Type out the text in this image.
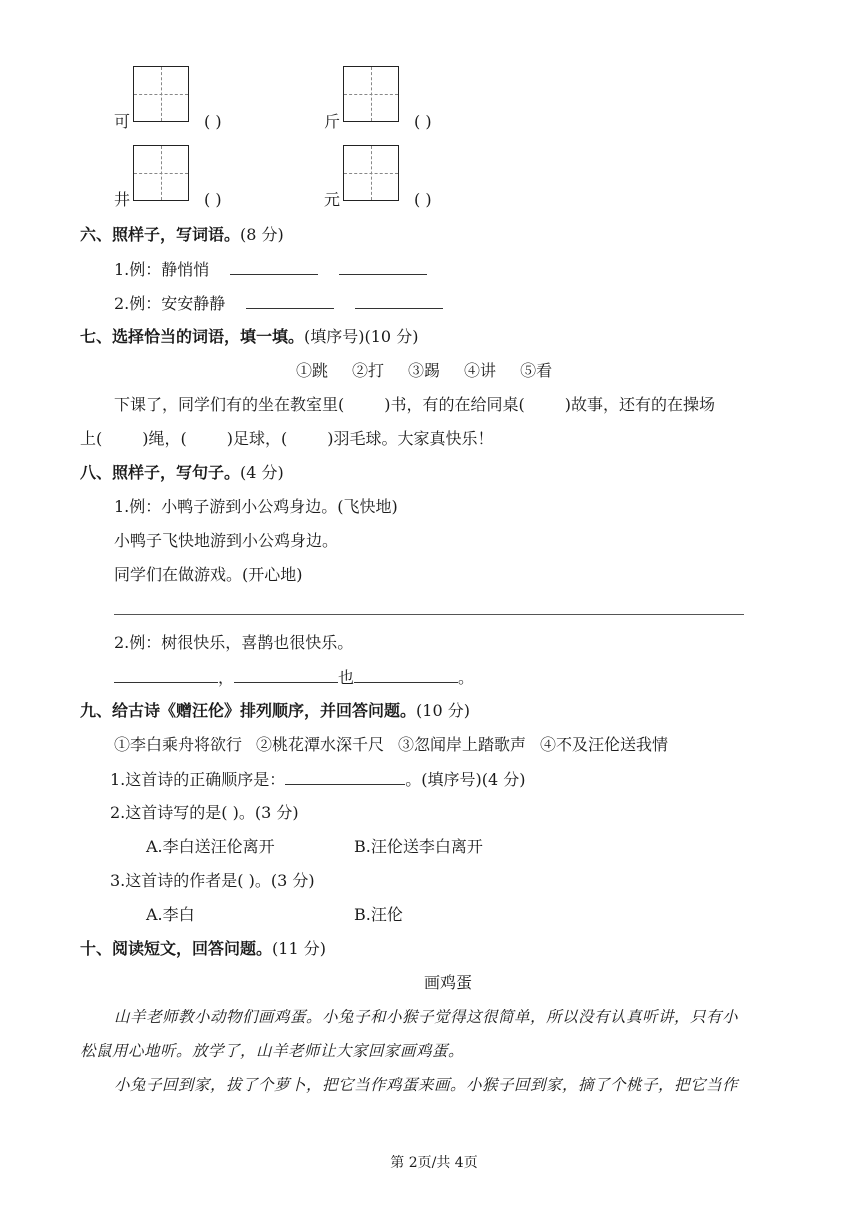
可	( )	斤	( )
井	( )	元	( )
六、照样子，写词语。(8 分)
1.例：静悄悄
2.例：安安静静
七、选择恰当的词语，填一填。(填序号)(10 分)
①跳 ②打 ③踢 ④讲 ⑤看
下课了，同学们有的坐在教室里(	)书，有的在给同桌(	)故事，还有的在操场
上(	)绳，(	)足球，(	)羽毛球。大家真快乐！
八、照样子，写句子。(4 分)
1.例：小鸭子游到小公鸡身边。(飞快地)
小鸭子飞快地游到小公鸡身边。
同学们在做游戏。(开心地)
2.例：树很快乐，喜鹊也很快乐。
，	也	。
九、给古诗《赠汪伦》排列顺序，并回答问题。(10 分)
①李白乘舟将欲行 ②桃花潭水深千尺 ③忽闻岸上踏歌声 ④不及汪伦送我情
1.这首诗的正确顺序是：	。(填序号)(4 分)
2.这首诗写的是( )。(3 分)
A.李白送汪伦离开	B.汪伦送李白离开
3.这首诗的作者是( )。(3 分)
A.李白	B.汪伦
十、阅读短文，回答问题。(11 分)
画鸡蛋
山羊老师教小动物们画鸡蛋。小兔子和小猴子觉得这很简单，所以没有认真听讲，只有小
松鼠用心地听。放学了，山羊老师让大家回家画鸡蛋。
小兔子回到家，拔了个萝卜，把它当作鸡蛋来画。小猴子回到家，摘了个桃子，把它当作
第 2页/共 4页
